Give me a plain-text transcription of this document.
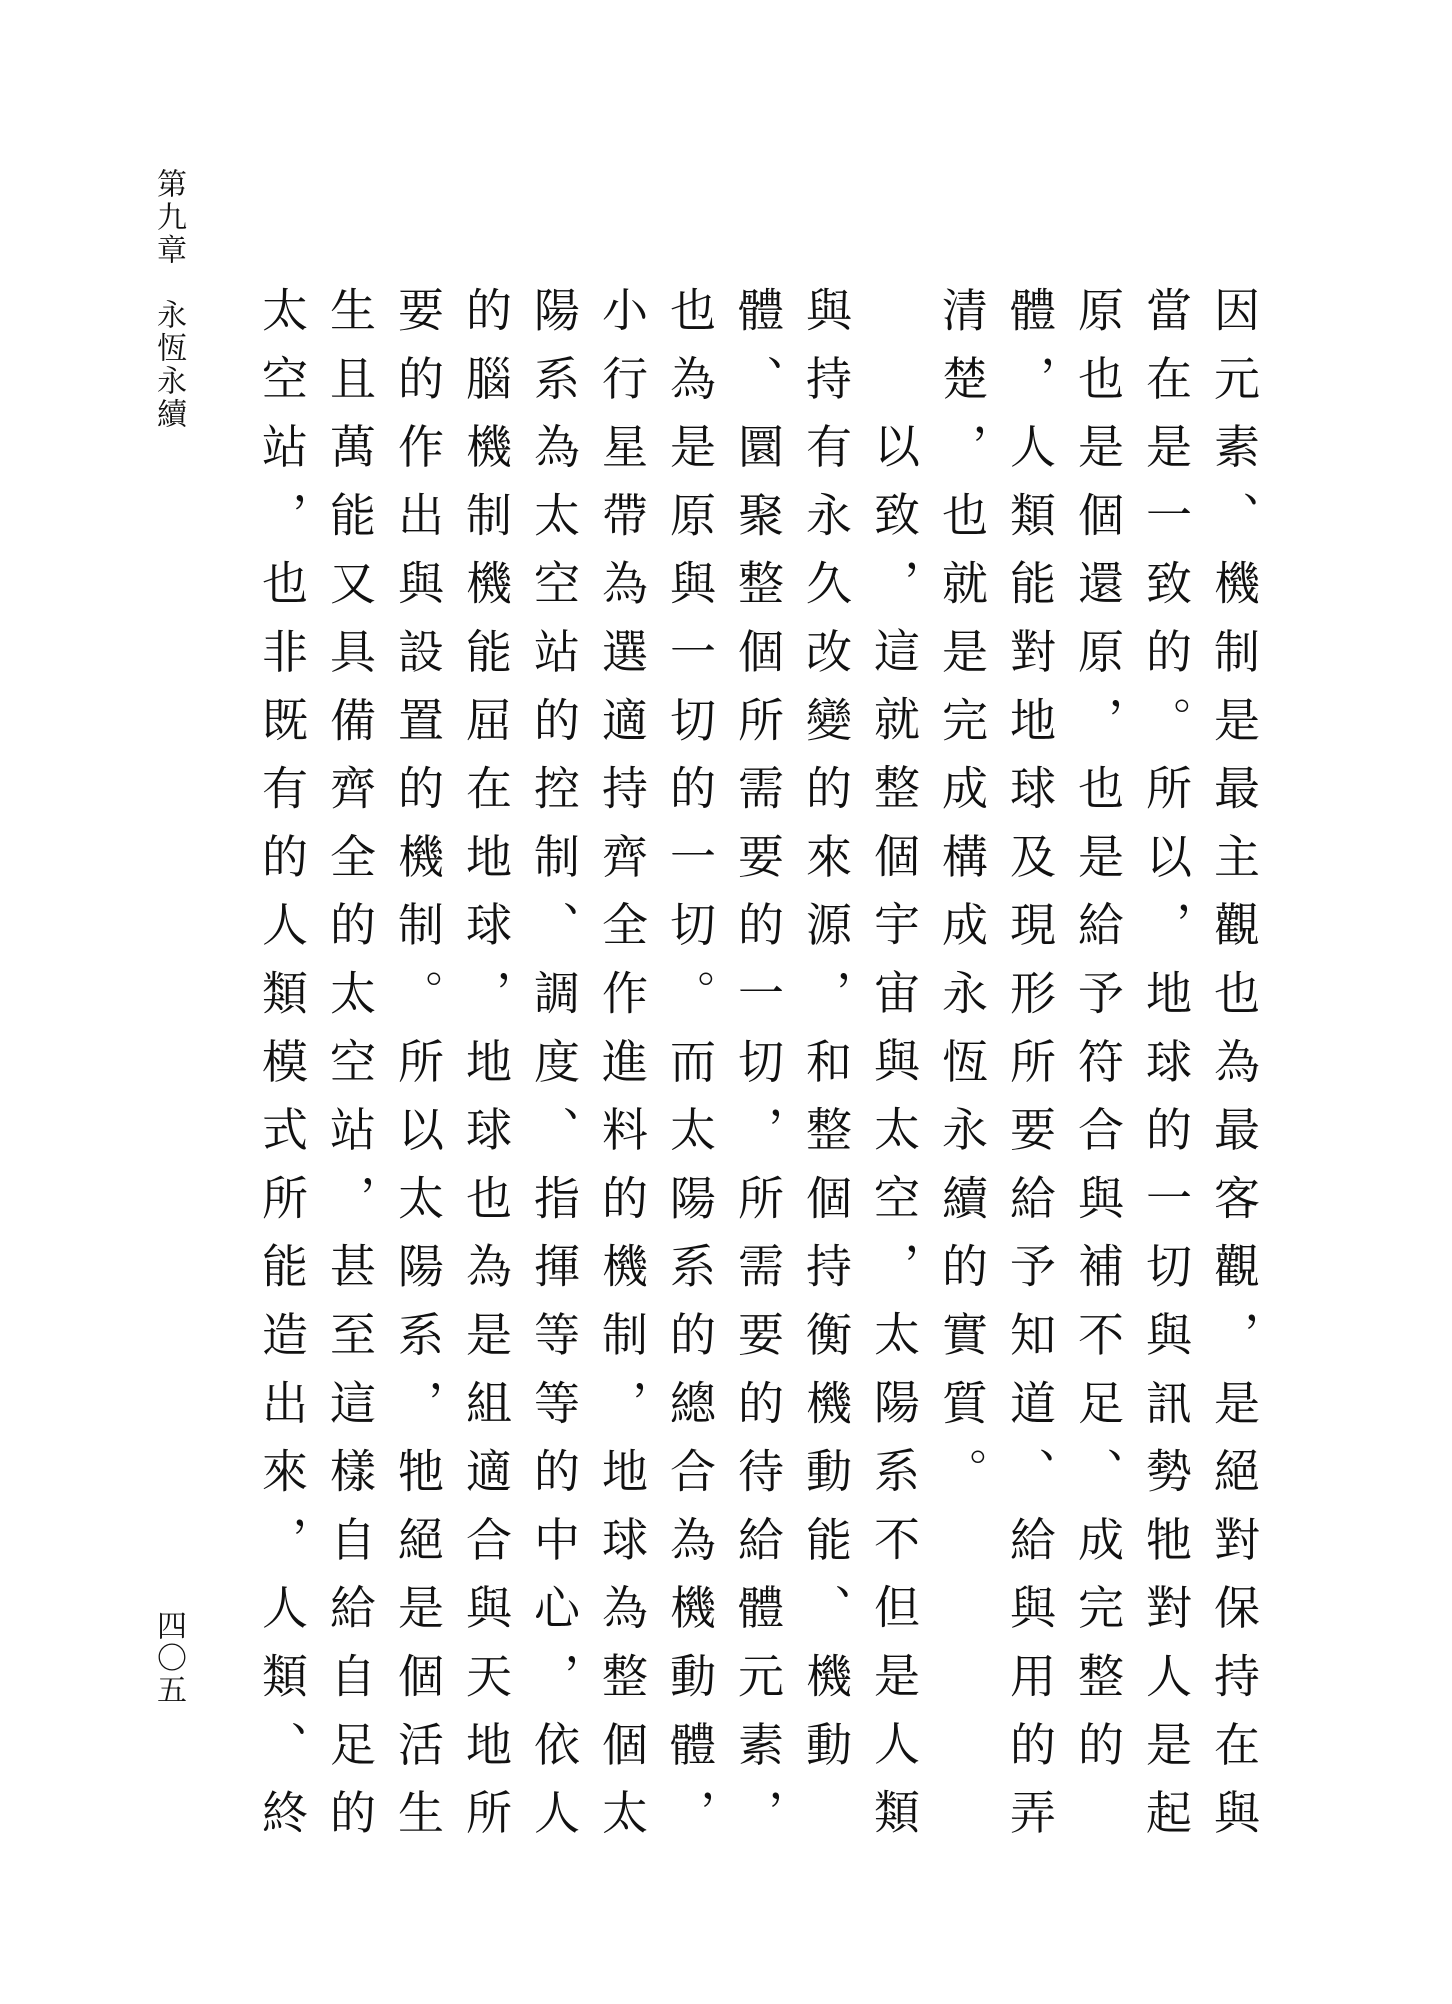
第九章永恆永續
四〇五	因元素、機制是最主觀也為最客觀，是絕對保持在與當在是一致的。所以，地球的一切與訊勢牠對人是起原也是個還原，也是給予符合與補不足、成完整的體，人類能對地球及現形所要給予知道、給與用的弄清楚，也就是完成構成永恆永續的實質。

以致，這就整個宇宙與太空，太陽系不但是人類與持有永久改變的來源，和整個持衡機動能、機動體、圜聚整個所需要的一切，所需要的待給體元素，也為是原與一切的一切。而太陽系的總合為機動體，小行星帶為選適持齊全作進料的機制，地球為整個太陽系為太空站的控制、調度、指揮等等的中心，依人的腦機制機能屈在地球，地球也為是組適合與天地所要的作出與設置的機制。所以太陽系，牠絕是個活生生且萬能又具備齊全的太空站，甚至這樣自給自足的太空站，也非既有的人類模式所能造出來，人類、終
